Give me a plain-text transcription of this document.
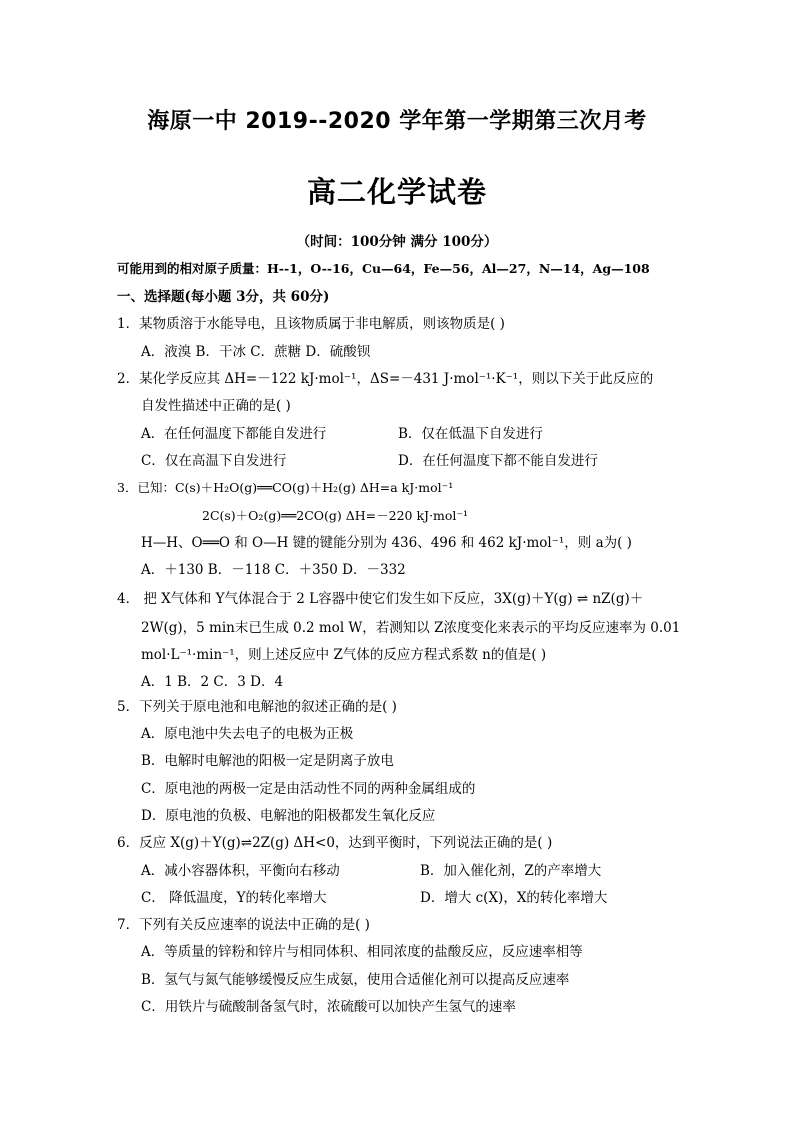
海原一中 2019--2020 学年第一学期第三次月考
高二化学试卷
（时间：100分钟 满分 100分）
可能用到的相对原子质量：H--1，O--16，Cu—64，Fe—56，Al—27，N—14，Ag—108
一、选择题(每小题 3分，共 60分)
1．某物质溶于水能导电，且该物质属于非电解质，则该物质是( )
A．液溴 B．干冰 C．蔗糖 D．硫酸钡
2．某化学反应其 ΔH=－122 kJ·mol⁻¹，ΔS=－431 J·mol⁻¹·K⁻¹，则以下关于此反应的
自发性描述中正确的是( )
A．在任何温度下都能自发进行	B．仅在低温下自发进行
C．仅在高温下自发进行	D．在任何温度下都不能自发进行
3．已知：C(s)＋H₂O(g)══CO(g)＋H₂(g) ΔH=a kJ·mol⁻¹
2C(s)＋O₂(g)══2CO(g) ΔH=－220 kJ·mol⁻¹
H—H、O══O 和 O—H 键的键能分别为 436、496 和 462 kJ·mol⁻¹，则 a为( )
A．＋130 B．－118 C．＋350 D．－332
4． 把 X气体和 Y气体混合于 2 L容器中使它们发生如下反应，3X(g)＋Y(g) ⇌ nZ(g)＋
2W(g)，5 min末已生成 0.2 mol W，若测知以 Z浓度变化来表示的平均反应速率为 0.01
mol·L⁻¹·min⁻¹，则上述反应中 Z气体的反应方程式系数 n的值是( )
A．1 B．2 C．3 D．4
5．下列关于原电池和电解池的叙述正确的是( )
A．原电池中失去电子的电极为正极
B．电解时电解池的阳极一定是阴离子放电
C．原电池的两极一定是由活动性不同的两种金属组成的
D．原电池的负极、电解池的阳极都发生氧化反应
6．反应 X(g)＋Y(g)⇌2Z(g) ΔH<0，达到平衡时，下列说法正确的是( )
A．减小容器体积，平衡向右移动	B．加入催化剂，Z的产率增大
C． 降低温度，Y的转化率增大	D．增大 c(X)，X的转化率增大
7．下列有关反应速率的说法中正确的是( )
A．等质量的锌粉和锌片与相同体积、相同浓度的盐酸反应，反应速率相等
B．氢气与氮气能够缓慢反应生成氨，使用合适催化剂可以提高反应速率
C．用铁片与硫酸制备氢气时，浓硫酸可以加快产生氢气的速率
